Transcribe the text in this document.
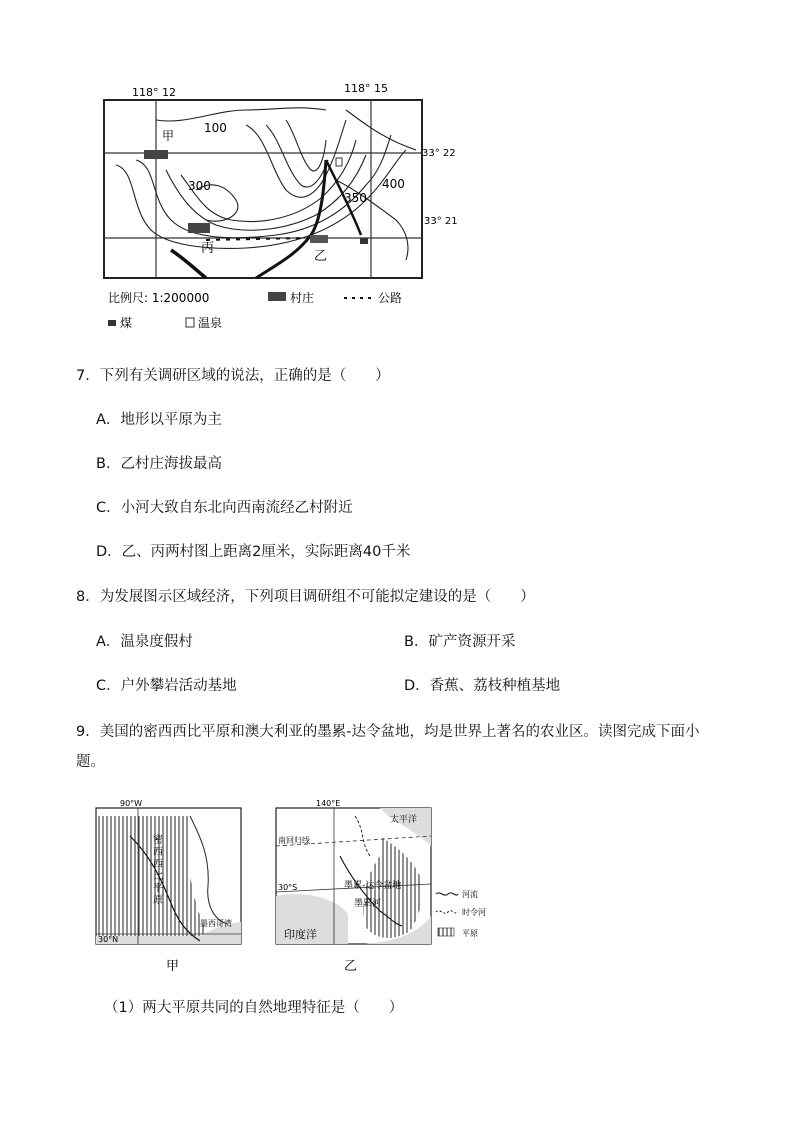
118° 12	118° 15
33° 22
33° 21
甲
丙
乙
100
300
350
400
比例尺: 1:200000	村庄	公路
煤	温泉
7．下列有关调研区域的说法，正确的是（　　）
A．地形以平原为主
B．乙村庄海拔最高
C．小河大致自东北向西南流经乙村附近
D．乙、丙两村图上距离2厘米，实际距离40千米
8．为发展图示区域经济，下列项目调研组不可能拟定建设的是（　　）
A．温泉度假村	B．矿产资源开采
C．户外攀岩活动基地	D．香蕉、荔枝种植基地
9．美国的密西西比平原和澳大利亚的墨累-达令盆地，均是世界上著名的农业区。读图完成下面小
题。
90°W
30°N
密西西比平原
墨西哥湾
甲
140°E
南回归线
30°S
太平洋
墨累-达令盆地
墨累河
印度洋
河流
时令河
平原
乙
（1）两大平原共同的自然地理特征是（　　）
